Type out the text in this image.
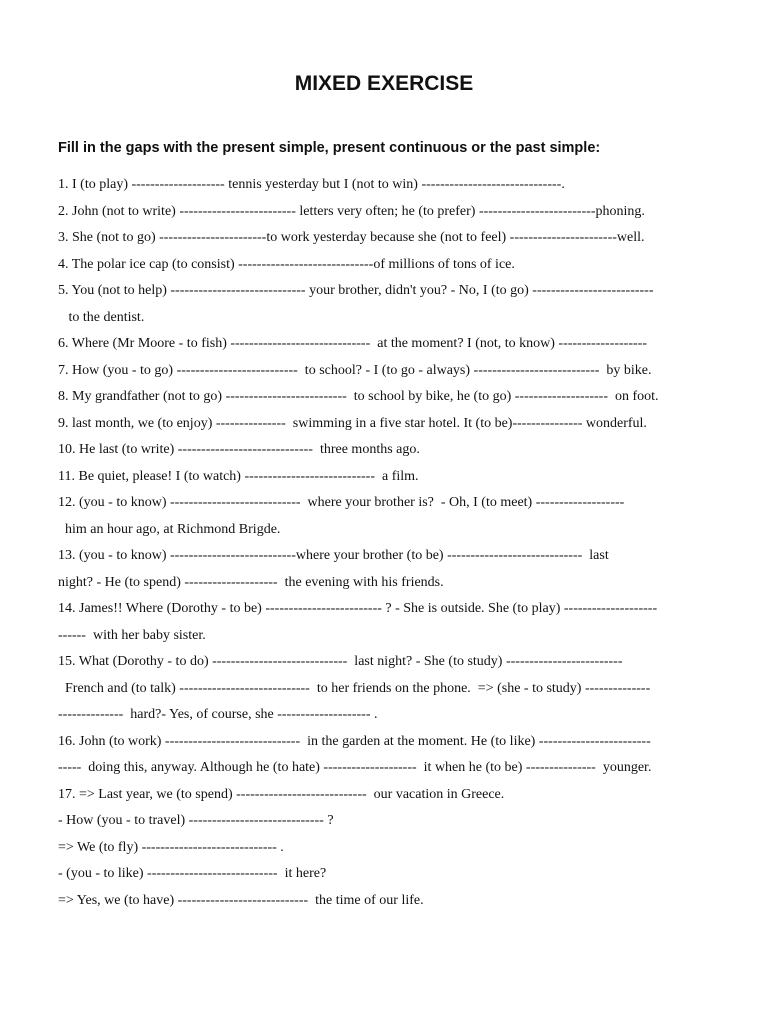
MIXED EXERCISE
Fill in the gaps with the present simple, present continuous or the past simple:
1. I (to play) -------------------- tennis yesterday but I (not to win) ------------------------------.
2. John (not to write) ------------------------- letters very often; he (to prefer) -------------------------phoning.
3. She (not to go) -----------------------to work yesterday because she (not to feel) -----------------------well.
4. The polar ice cap (to consist) -----------------------------of millions of tons of ice.
5. You (not to help) ----------------------------- your brother, didn't you? - No, I (to go) --------------------------
to the dentist.
6. Where (Mr Moore - to fish) ------------------------------  at the moment? I (not, to know) -------------------
7. How (you - to go) --------------------------  to school? - I (to go - always) ---------------------------  by bike.
8. My grandfather (not to go) --------------------------  to school by bike, he (to go) --------------------  on foot.
9. last month, we (to enjoy) ---------------  swimming in a five star hotel. It (to be)--------------- wonderful.
10. He last (to write) -----------------------------  three months ago.
11. Be quiet, please! I (to watch) ----------------------------  a film.
12. (you - to know) ----------------------------  where your brother is?  - Oh, I (to meet) -------------------
him an hour ago, at Richmond Brigde.
13. (you - to know) ---------------------------where your brother (to be) -----------------------------  last
night? - He (to spend) --------------------  the evening with his friends.
14. James!! Where (Dorothy - to be) ------------------------- ? - She is outside. She (to play) --------------------
------  with her baby sister.
15. What (Dorothy - to do) -----------------------------  last night? - She (to study) -------------------------
French and (to talk) ----------------------------  to her friends on the phone.  => (she - to study) --------------
--------------  hard?- Yes, of course, she -------------------- .
16. John (to work) -----------------------------  in the garden at the moment. He (to like) ------------------------
-----  doing this, anyway. Although he (to hate) --------------------  it when he (to be) ---------------  younger.
17. => Last year, we (to spend) ----------------------------  our vacation in Greece.
- How (you - to travel) ----------------------------- ?
=> We (to fly) ----------------------------- .
- (you - to like) ----------------------------  it here?
=> Yes, we (to have) ----------------------------  the time of our life.
